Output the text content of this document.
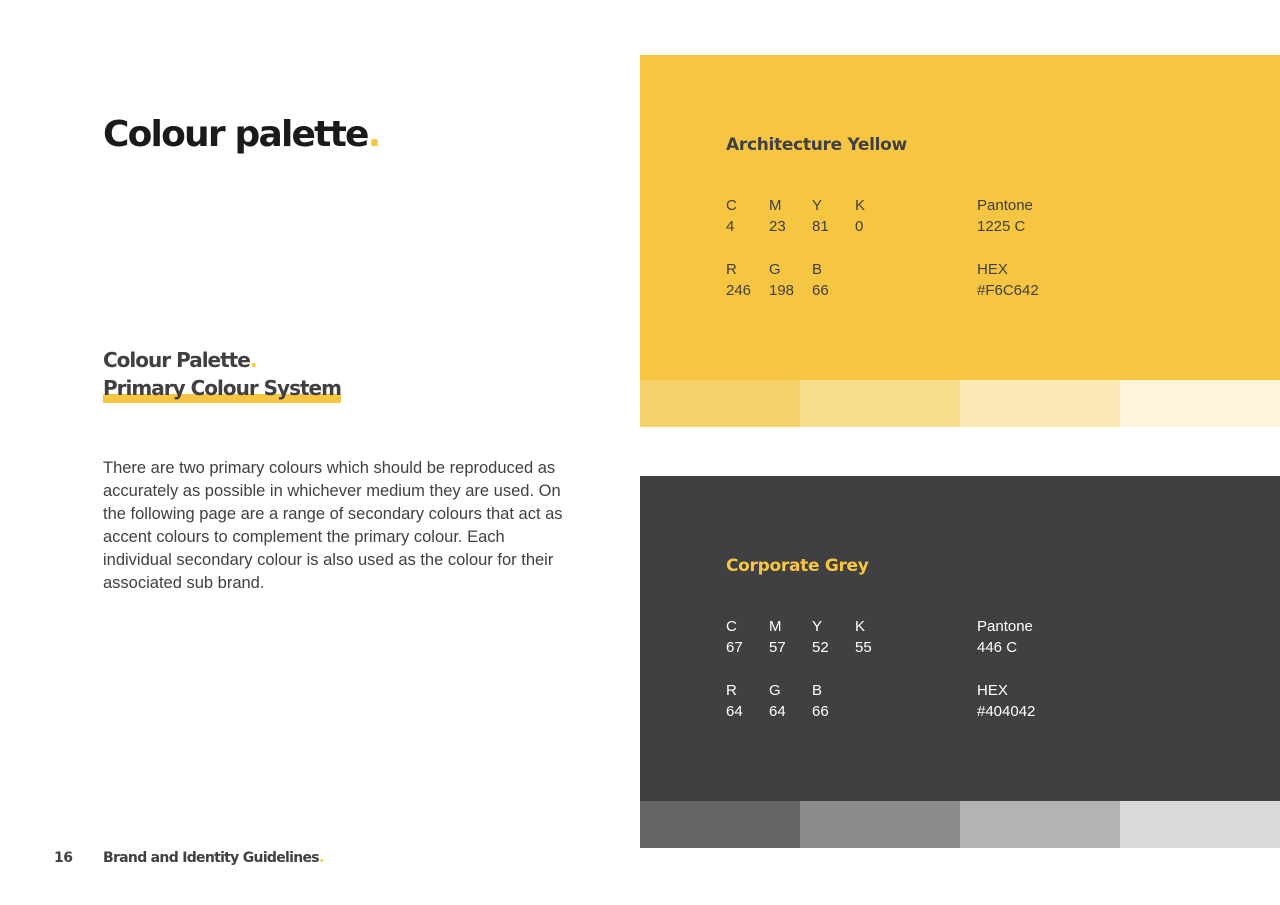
Colour palette.
Colour Palette.
Primary Colour System

There are two primary colours which should be reproduced as accurately as possible in whichever medium they are used. On the following page are a range of secondary colours that act as accent colours to complement the primary colour. Each individual secondary colour is also used as the colour for their associated sub brand.

Architecture Yellow
C
4
M
23
Y
81
K
0
Pantone
1225 C
R
246
G
198
B
66
HEX
#F6C642
Corporate Grey
C
67
M
57
Y
52
K
55
Pantone
446 C
R
64
G
64
B
66
HEX
#404042
16 Brand and Identity Guidelines.
